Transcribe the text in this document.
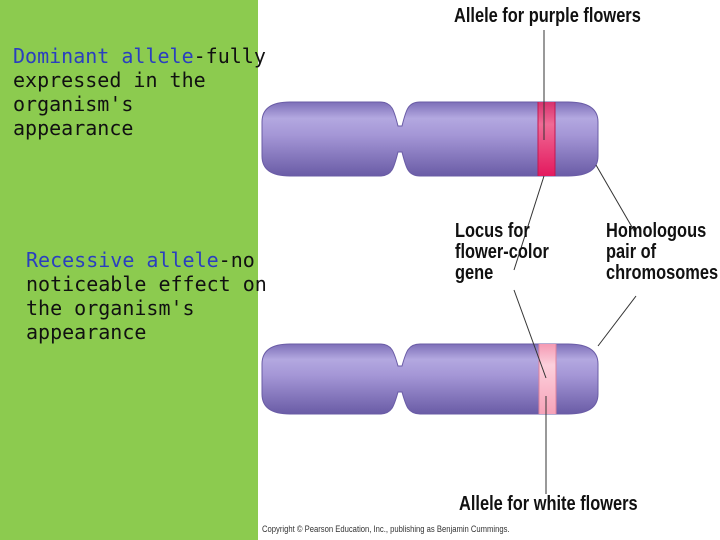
Dominant allele-fully
expressed in the
organism's
appearance
Recessive allele-no
noticeable effect on
the organism's
appearance
Allele for purple flowers
Locus for
flower-color
gene
Homologous
pair of
chromosomes
Allele for white flowers
Copyright © Pearson Education, Inc., publishing as Benjamin Cummings.
